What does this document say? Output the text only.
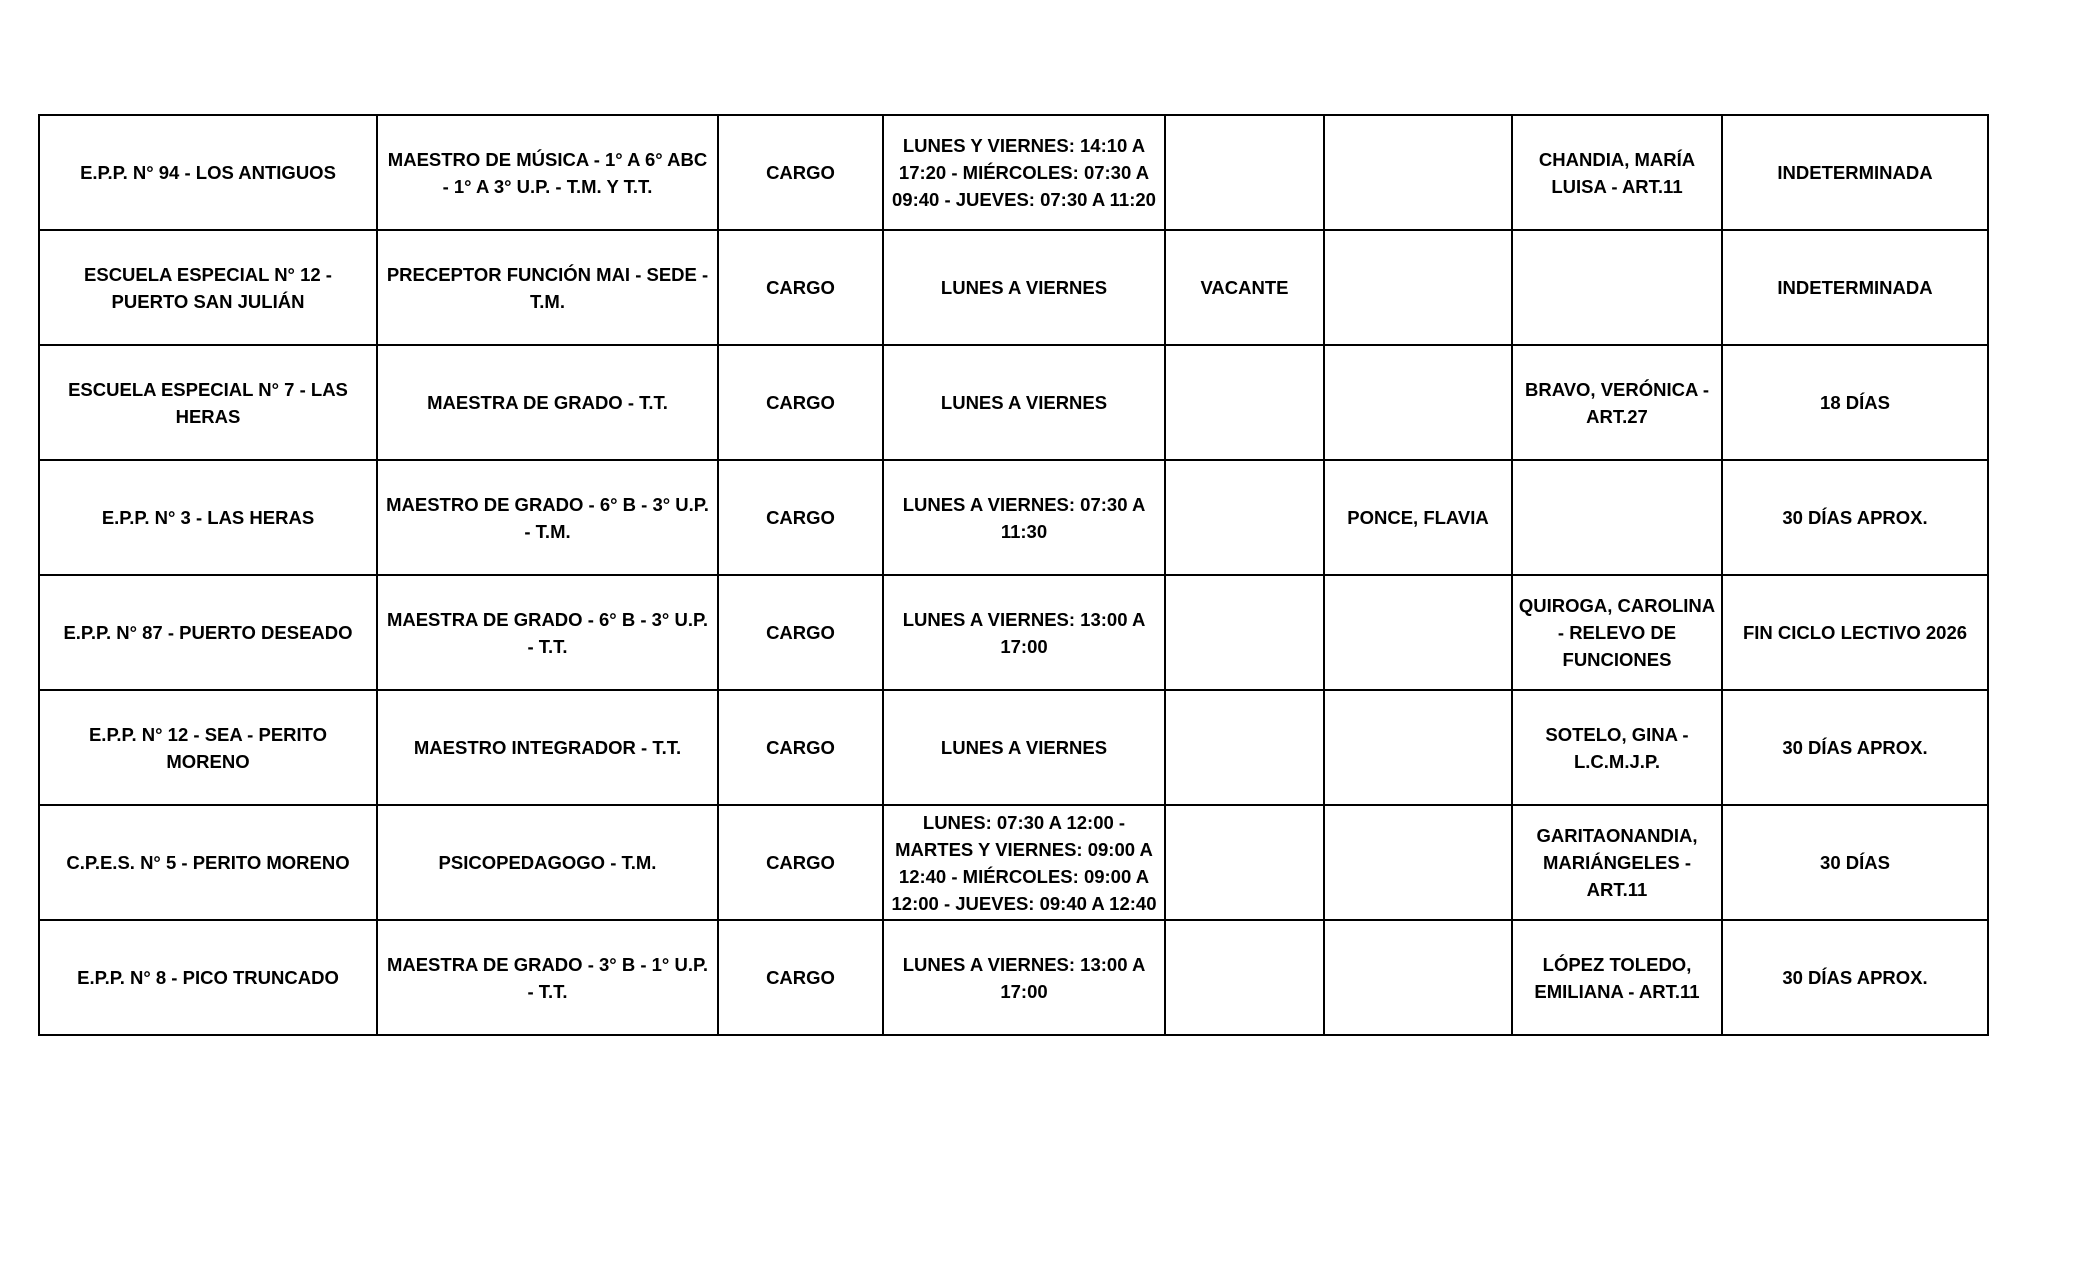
E.P.P. N° 94 - LOS ANTIGUOS	MAESTRO DE MÚSICA - 1° A 6° ABC - 1° A 3° U.P. - T.M. Y T.T.	CARGO	LUNES Y VIERNES: 14:10 A 17:20 - MIÉRCOLES: 07:30 A 09:40 - JUEVES: 07:30 A 11:20			CHANDIA, MARÍA LUISA - ART.11	INDETERMINADA
ESCUELA ESPECIAL N° 12 - PUERTO SAN JULIÁN	PRECEPTOR FUNCIÓN MAI - SEDE - T.M.	CARGO	LUNES A VIERNES	VACANTE			INDETERMINADA
ESCUELA ESPECIAL N° 7 - LAS HERAS	MAESTRA DE GRADO - T.T.	CARGO	LUNES A VIERNES			BRAVO, VERÓNICA - ART.27	18 DÍAS
E.P.P. N° 3 - LAS HERAS	MAESTRO DE GRADO - 6° B - 3° U.P. - T.M.	CARGO	LUNES A VIERNES: 07:30 A 11:30		PONCE, FLAVIA		30 DÍAS APROX.
E.P.P. N° 87 - PUERTO DESEADO	MAESTRA DE GRADO - 6° B - 3° U.P. - T.T.	CARGO	LUNES A VIERNES: 13:00 A 17:00			QUIROGA, CAROLINA - RELEVO DE FUNCIONES	FIN CICLO LECTIVO 2026
E.P.P. N° 12 - SEA - PERITO MORENO	MAESTRO INTEGRADOR - T.T.	CARGO	LUNES A VIERNES			SOTELO, GINA - L.C.M.J.P.	30 DÍAS APROX.
C.P.E.S. N° 5 - PERITO MORENO	PSICOPEDAGOGO - T.M.	CARGO	LUNES: 07:30 A 12:00 - MARTES Y VIERNES: 09:00 A 12:40 - MIÉRCOLES: 09:00 A 12:00 - JUEVES: 09:40 A 12:40			GARITAONANDIA, MARIÁNGELES - ART.11	30 DÍAS
E.P.P. N° 8 - PICO TRUNCADO	MAESTRA DE GRADO - 3° B - 1° U.P. - T.T.	CARGO	LUNES A VIERNES: 13:00 A 17:00			LÓPEZ TOLEDO, EMILIANA - ART.11	30 DÍAS APROX.
